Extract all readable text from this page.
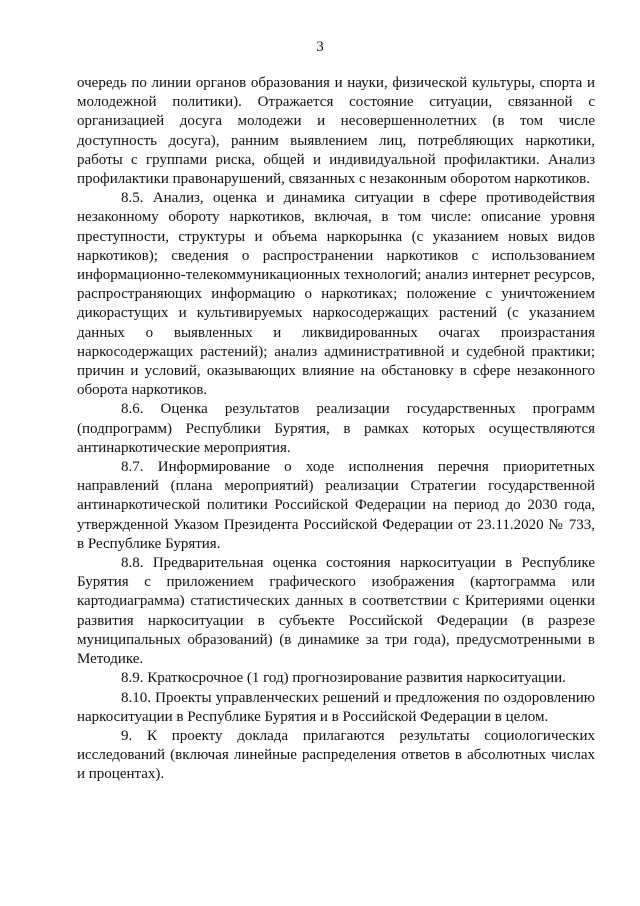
3

очередь по линии органов образования и науки, физической культуры, спорта и молодежной политики). Отражается состояние ситуации, связанной с организацией досуга молодежи и несовершеннолетних (в том числе доступность досуга), ранним выявлением лиц, потребляющих наркотики, работы с группами риска, общей и индивидуальной профилактики. Анализ профилактики правонарушений, связанных с незаконным оборотом наркотиков.

8.5. Анализ, оценка и динамика ситуации в сфере противодействия незаконному обороту наркотиков, включая, в том числе: описание уровня преступности, структуры и объема наркорынка (с указанием новых видов наркотиков); сведения о распространении наркотиков с использованием информационно-телекоммуникационных технологий; анализ интернет ресурсов, распространяющих информацию о наркотиках; положение с уничтожением дикорастущих и культивируемых наркосодержащих растений (с указанием данных о выявленных и ликвидированных очагах произрастания наркосодержащих растений); анализ административной и судебной практики; причин и условий, оказывающих влияние на обстановку в сфере незаконного оборота наркотиков.

8.6. Оценка результатов реализации государственных программ (подпрограмм) Республики Бурятия, в рамках которых осуществляются антинаркотические мероприятия.

8.7. Информирование о ходе исполнения перечня приоритетных направлений (плана мероприятий) реализации Стратегии государственной антинаркотической политики Российской Федерации на период до 2030 года, утвержденной Указом Президента Российской Федерации от 23.11.2020 № 733, в Республике Бурятия.

8.8. Предварительная оценка состояния наркоситуации в Республике Бурятия с приложением графического изображения (картограмма или картодиаграмма) статистических данных в соответствии с Критериями оценки развития наркоситуации в субъекте Российской Федерации (в разрезе муниципальных образований) (в динамике за три года), предусмотренными в Методике.

8.9. Краткосрочное (1 год) прогнозирование развития наркоситуации.

8.10. Проекты управленческих решений и предложения по оздоровлению наркоситуации в Республике Бурятия и в Российской Федерации в целом.

9. К проекту доклада прилагаются результаты социологических исследований (включая линейные распределения ответов в абсолютных числах и процентах).
